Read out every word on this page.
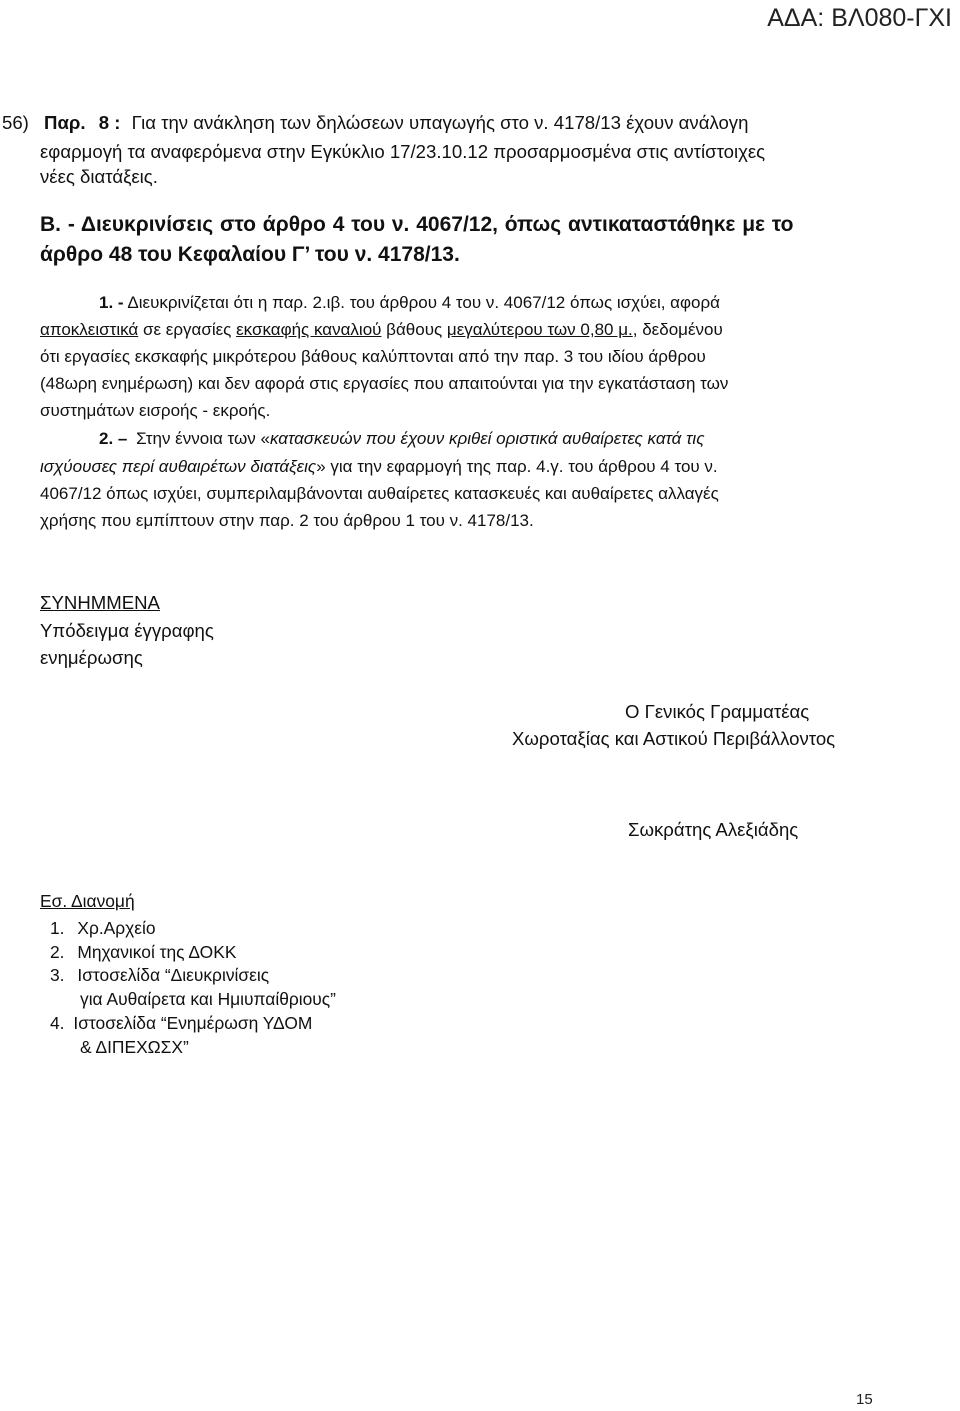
ΑΔΑ: ΒΛ080-ΓΧΙ
56) Παρ. 8 : Για την ανάκληση των δηλώσεων υπαγωγής στο ν. 4178/13 έχουν ανάλογη
εφαρμογή τα αναφερόμενα στην Εγκύκλιο 17/23.10.12 προσαρμοσμένα στις αντίστοιχες
νέες διατάξεις.
Β. - Διευκρινίσεις στο άρθρο 4 του ν. 4067/12, όπως αντικαταστάθηκε με το
άρθρο 48 του Κεφαλαίου Γ’ του ν. 4178/13.
1. - Διευκρινίζεται ότι η παρ. 2.ιβ. του άρθρου 4 του ν. 4067/12 όπως ισχύει, αφορά
αποκλειστικά σε εργασίες εκσκαφής καναλιού βάθους μεγαλύτερου των 0,80 μ., δεδομένου
ότι εργασίες εκσκαφής μικρότερου βάθους καλύπτονται από την παρ. 3 του ιδίου άρθρου
(48ωρη ενημέρωση) και δεν αφορά στις εργασίες που απαιτούνται για την εγκατάσταση των
συστημάτων εισροής - εκροής.
2. – Στην έννοια των «κατασκευών που έχουν κριθεί οριστικά αυθαίρετες κατά τις
ισχύουσες περί αυθαιρέτων διατάξεις» για την εφαρμογή της παρ. 4.γ. του άρθρου 4 του ν.
4067/12 όπως ισχύει, συμπεριλαμβάνονται αυθαίρετες κατασκευές και αυθαίρετες αλλαγές
χρήσης που εμπίπτουν στην παρ. 2 του άρθρου 1 του ν. 4178/13.
ΣΥΝΗΜΜΕΝΑ
Υπόδειγμα έγγραφης
ενημέρωσης
Ο Γενικός Γραμματέας
Χωροταξίας και Αστικού Περιβάλλοντος
Σωκράτης Αλεξιάδης
Εσ. Διανομή
1. Χρ.Αρχείο
2. Μηχανικοί της ΔΟΚΚ
3. Ιστοσελίδα “Διευκρινίσεις
για Αυθαίρετα και Ημιυπαίθριους”
4. Ιστοσελίδα “Ενημέρωση ΥΔΟΜ
& ΔΙΠΕΧΩΣΧ”
15
